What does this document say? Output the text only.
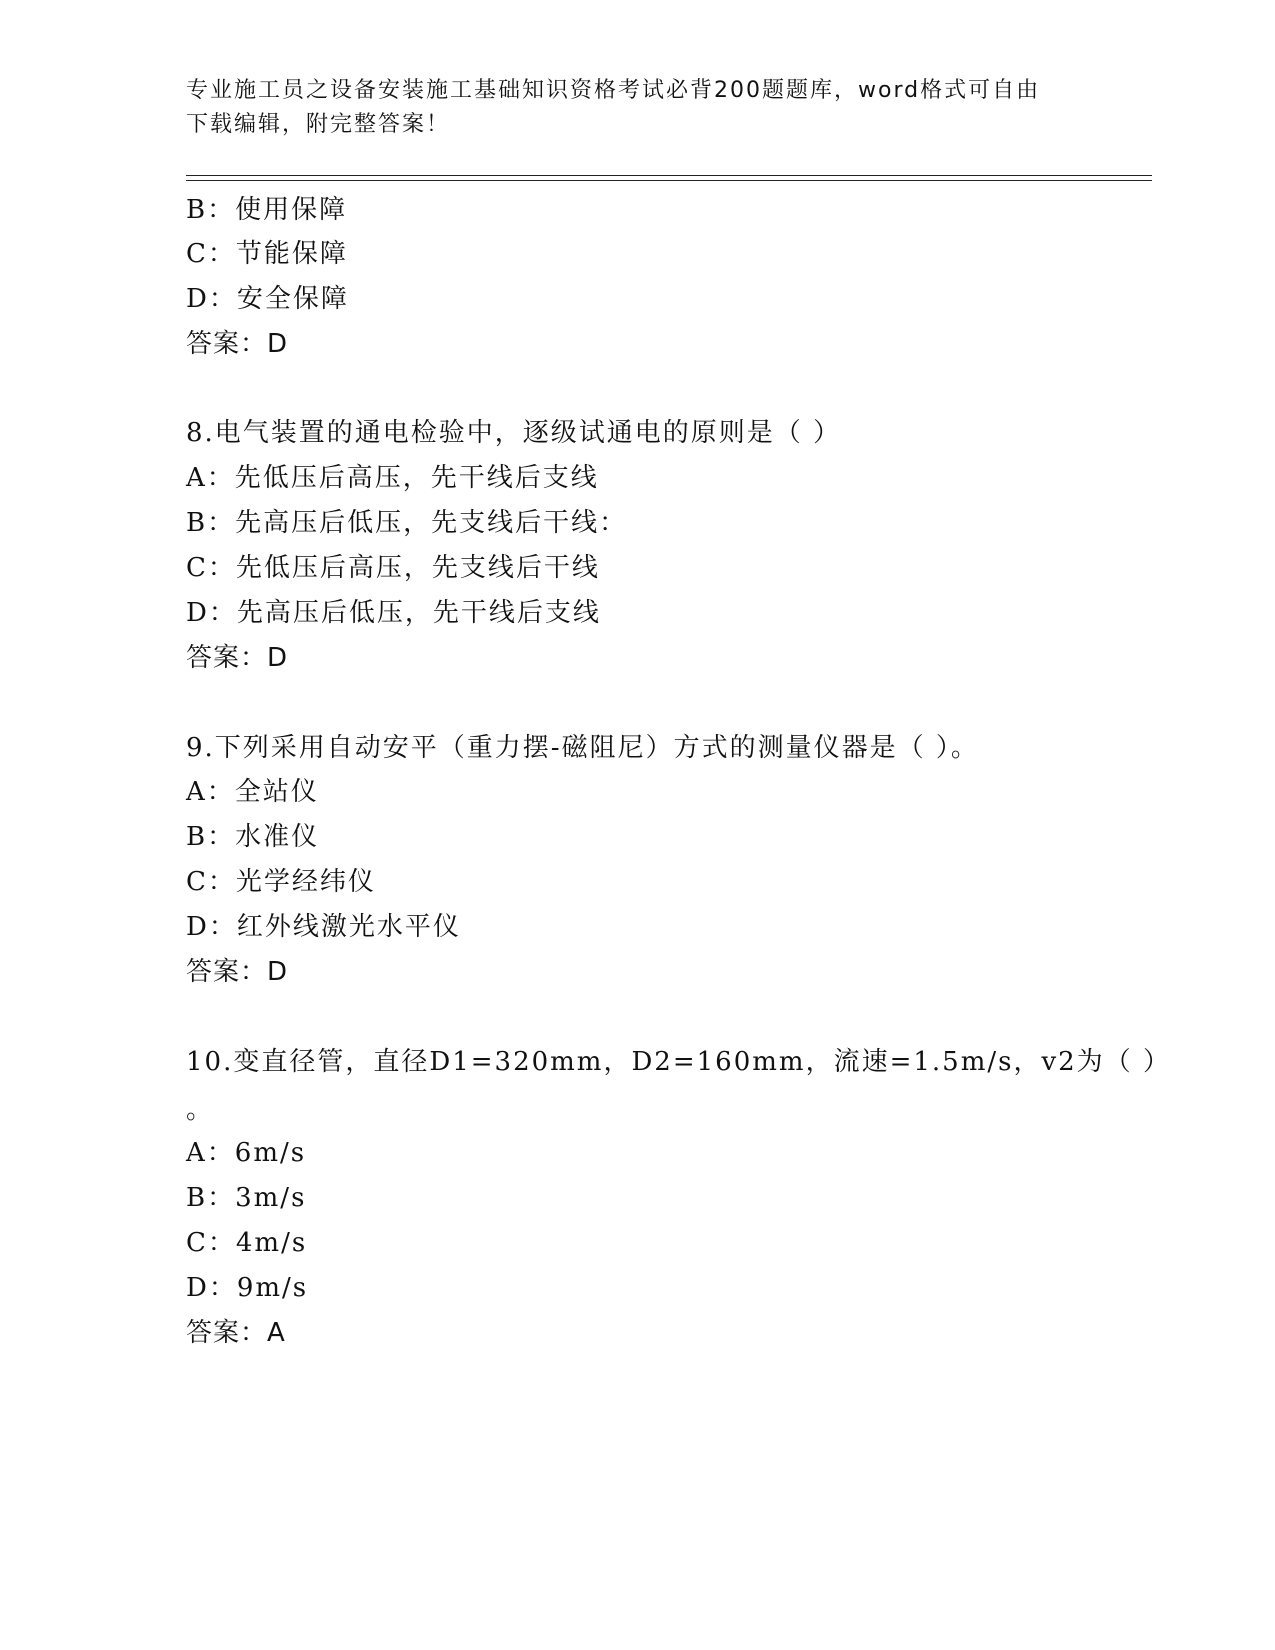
专业施工员之设备安装施工基础知识资格考试必背200题题库，word格式可自由
下载编辑，附完整答案！
B：使用保障
C：节能保障
D：安全保障
答案：D
8.电气装置的通电检验中，逐级试通电的原则是（ ）
A：先低压后高压，先干线后支线
B：先高压后低压，先支线后干线：
C：先低压后高压，先支线后干线
D：先高压后低压，先干线后支线
答案：D
9.下列采用自动安平（重力摆-磁阻尼）方式的测量仪器是（ ）。
A：全站仪
B：水准仪
C：光学经纬仪
D：红外线激光水平仪
答案：D
10.变直径管，直径D1=320mm，D2=160mm，流速=1.5m/s，v2为（ ）
。
A：6m/s
B：3m/s
C：4m/s
D：9m/s
答案：A
